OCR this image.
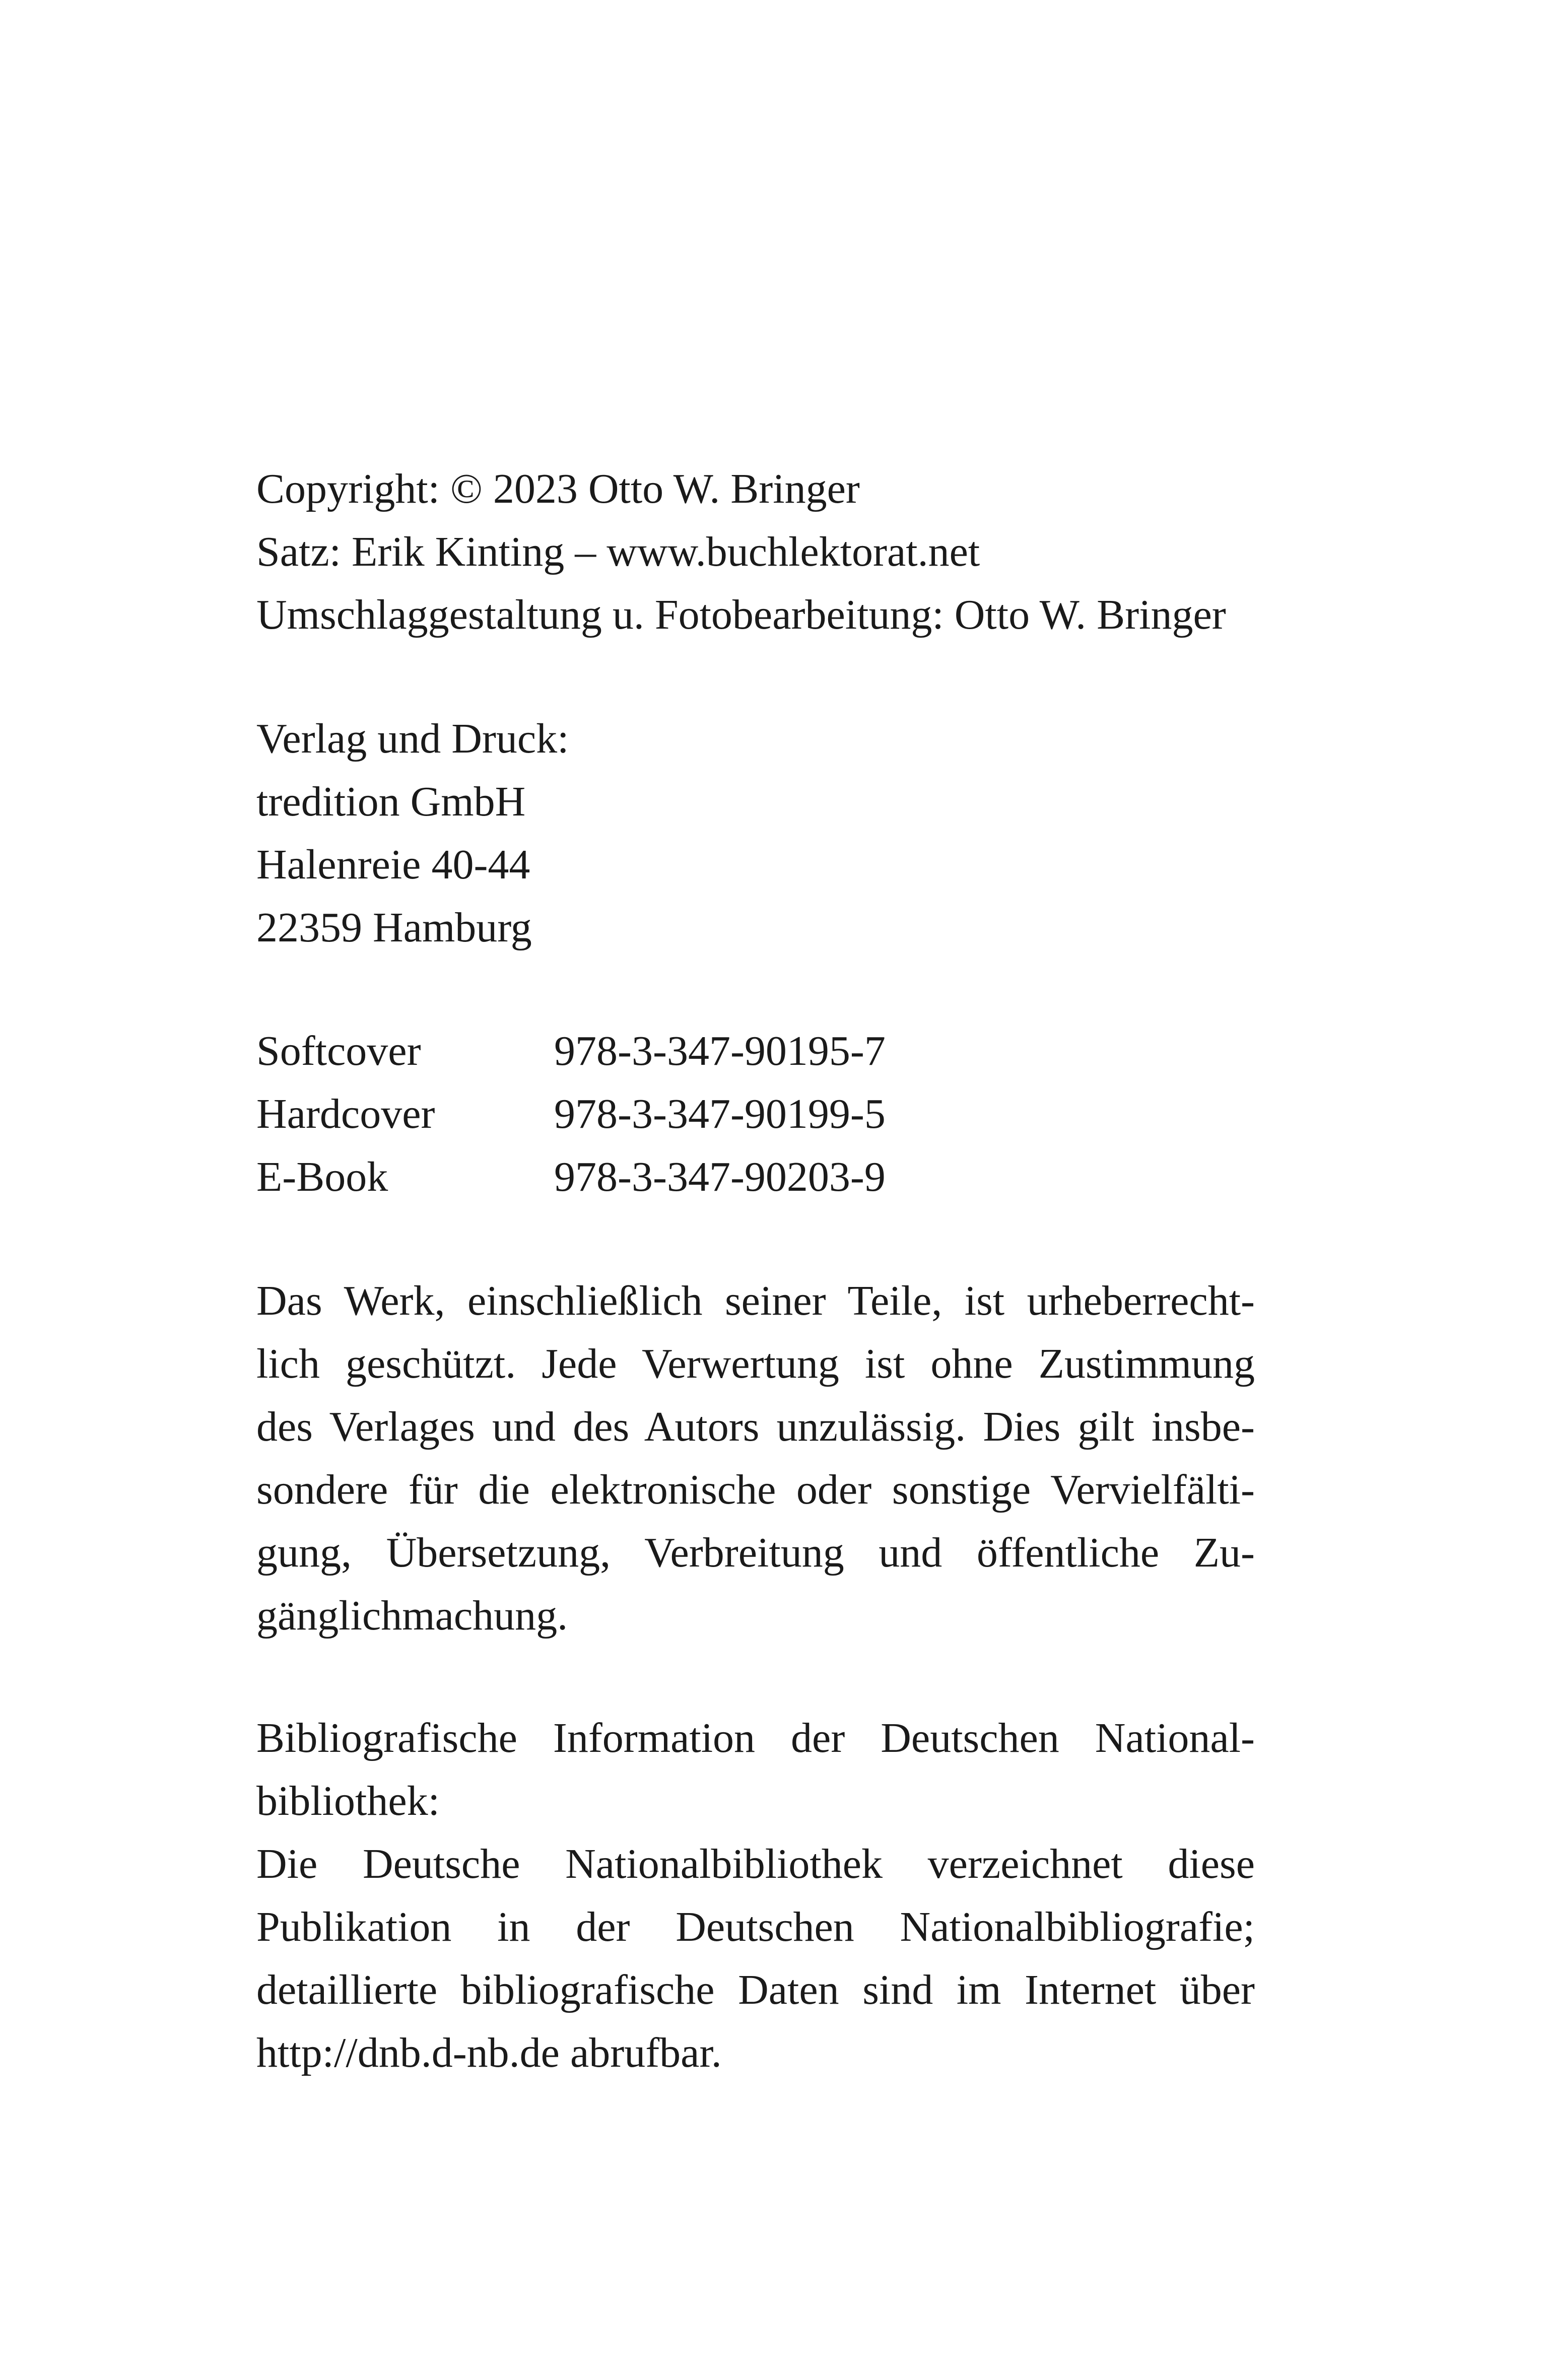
Copyright: © 2023 Otto W. Bringer
Satz: Erik Kinting – www.buchlektorat.net
Umschlaggestaltung u. Fotobearbeitung: Otto W. Bringer
Verlag und Druck:
tredition GmbH
Halenreie 40-44
22359 Hamburg
Softcover	978-3-347-90195-7
Hardcover	978-3-347-90199-5
E-Book	978-3-347-90203-9
Das Werk, einschließlich seiner Teile, ist urheberrecht-
lich geschützt. Jede Verwertung ist ohne Zustimmung
des Verlages und des Autors unzulässig. Dies gilt insbe-
sondere für die elektronische oder sonstige Vervielfälti-
gung, Übersetzung, Verbreitung und öffentliche Zu-
gänglichmachung.
Bibliografische Information der Deutschen National-
bibliothek:
Die Deutsche Nationalbibliothek verzeichnet diese
Publikation in der Deutschen Nationalbibliografie;
detaillierte bibliografische Daten sind im Internet über
http://dnb.d-nb.de abrufbar.
